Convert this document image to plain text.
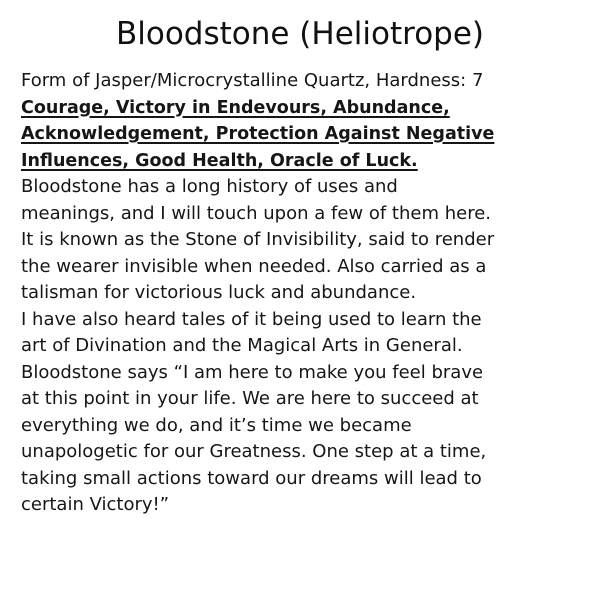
Bloodstone (Heliotrope)
Form of Jasper/Microcrystalline Quartz, Hardness: 7
Courage, Victory in Endevours, Abundance,
Acknowledgement, Protection Against Negative
Influences, Good Health, Oracle of Luck.
Bloodstone has a long history of uses and
meanings, and I will touch upon a few of them here.
It is known as the Stone of Invisibility, said to render
the wearer invisible when needed. Also carried as a
talisman for victorious luck and abundance.
I have also heard tales of it being used to learn the
art of Divination and the Magical Arts in General.
Bloodstone says “I am here to make you feel brave
at this point in your life. We are here to succeed at
everything we do, and it’s time we became
unapologetic for our Greatness. One step at a time,
taking small actions toward our dreams will lead to
certain Victory!”
